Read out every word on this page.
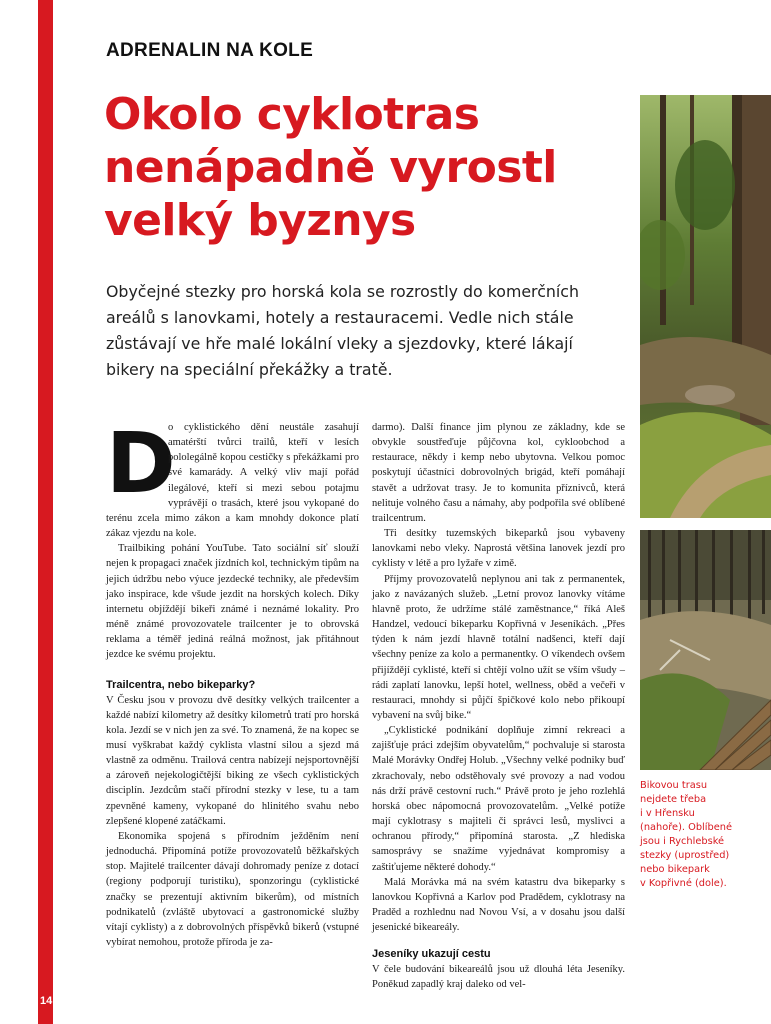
ADRENALIN NA KOLE
Okolo cyklotras
nenápadně vyrostl
velký byznys
Obyčejné stezky pro horská kola se rozrostly do komerčních
areálů s lanovkami, hotely a restauracemi. Vedle nich stále
zůstávají ve hře malé lokální vleky a sjezdovky, které lákají
bikery na speciální překážky a tratě.

D
o cyklistického dění neustále zasahují amatérští tvůrci trailů, kteří v lesích pololegálně kopou cestičky s překážkami pro své kamarády. A velký vliv mají pořád ilegálové, kteří si mezi sebou potajmu vyprávějí o trasách, které jsou vykopané do terénu zcela mimo zákon a kam mnohdy dokonce platí zákaz vjezdu na kole.

Trailbiking pohání YouTube. Tato sociální síť slouží nejen k propagaci značek jízdních kol, technickým tipům na jejich údržbu nebo výuce jezdecké techniky, ale především jako inspirace, kde všude jezdit na horských kolech. Díky internetu objíždějí bikeři známé i neznámé lokality. Pro méně známé provozovatele trailcenter je to obrovská reklama a téměř jediná reálná možnost, jak přitáhnout jezdce ke svému projektu.

Trailcentra, nebo bikeparky?

V Česku jsou v provozu dvě desítky velkých trailcenter a každé nabízí kilometry až desítky kilometrů tratí pro horská kola. Jezdí se v nich jen za své. To znamená, že na kopec se musí vyškrabat každý cyklista vlastní silou a sjezd má vlastně za odměnu. Trailová centra nabízejí nejsportovnější a zároveň nejekologičtější biking ze všech cyklistických disciplín. Jezdcům stačí přírodní stezky v lese, tu a tam zpevněné kameny, vykopané do hlinitého svahu nebo zlepšené klopené zatáčkami.

Ekonomika spojená s přírodním ježděním není jednoduchá. Připomíná potíže provozovatelů běžkařských stop. Majitelé trailcenter dávají dohromady peníze z dotací (regiony podporují turistiku), sponzoringu (cyklistické značky se prezentují aktivním bikerům), od místních podnikatelů (zvláště ubytovací a gastronomické služby vítají cyklisty) a z dobrovolných příspěvků bikerů (vstupné vybírat nemohou, protože příroda je za-

darmo). Další finance jim plynou ze základny, kde se obvykle soustřeďuje půjčovna kol, cykloobchod a restaurace, někdy i kemp nebo ubytovna. Velkou pomoc poskytují účastníci dobrovolných brigád, kteří pomáhají stavět a udržovat trasy. Je to komunita příznivců, která nelituje volného času a námahy, aby podpořila své oblíbené trailcentrum.

Tři desítky tuzemských bikeparků jsou vybaveny lanovkami nebo vleky. Naprostá většina lanovek jezdí pro cyklisty v létě a pro lyžaře v zimě.

Příjmy provozovatelů neplynou ani tak z permanentek, jako z navázaných služeb. „Letní provoz lanovky vítáme hlavně proto, že udržíme stálé zaměstnance,“ říká Aleš Handzel, vedoucí bikeparku Kopřivná v Jeseníkách. „Přes týden k nám jezdí hlavně totální nadšenci, kteří dají všechny peníze za kolo a permanentky. O víkendech ovšem přijíždějí cyklisté, kteří si chtějí volno užít se vším všudy – rádi zaplatí lanovku, lepší hotel, wellness, oběd a večeři v restauraci, mnohdy si půjčí špičkové kolo nebo přikoupí vybavení na svůj bike.“

„Cyklistické podnikání doplňuje zimní rekreaci a zajišťuje práci zdejším obyvatelům,“ pochvaluje si starosta Malé Morávky Ondřej Holub. „Všechny velké podniky buď zkrachovaly, nebo odstěhovaly své provozy a nad vodou nás drží právě cestovní ruch.“ Právě proto je jeho rozlehlá horská obec nápomocná provozovatelům. „Velké potíže mají cyklotrasy s majiteli či správci lesů, myslivci a ochranou přírody,“ připomíná starosta. „Z hlediska samosprávy se snažíme vyjednávat kompromisy a zaštiťujeme některé dohody.“

Malá Morávka má na svém katastru dva bikeparky s lanovkou Kopřivná a Karlov pod Pradědem, cyklotrasy na Praděd a rozhlednu nad Novou Vsí, a v dosahu jsou další jesenické bikeareály.

Jeseníky ukazují cestu

V čele budování bikeareálů jsou už dlouhá léta Jeseníky. Poněkud zapadlý kraj daleko od vel-

Bikovou trasu
nejdete třeba
i v Hřensku
(nahoře). Oblíbené
jsou i Rychlebské
stezky (uprostřed)
nebo bikepark
v Kopřivné (dole).
14
